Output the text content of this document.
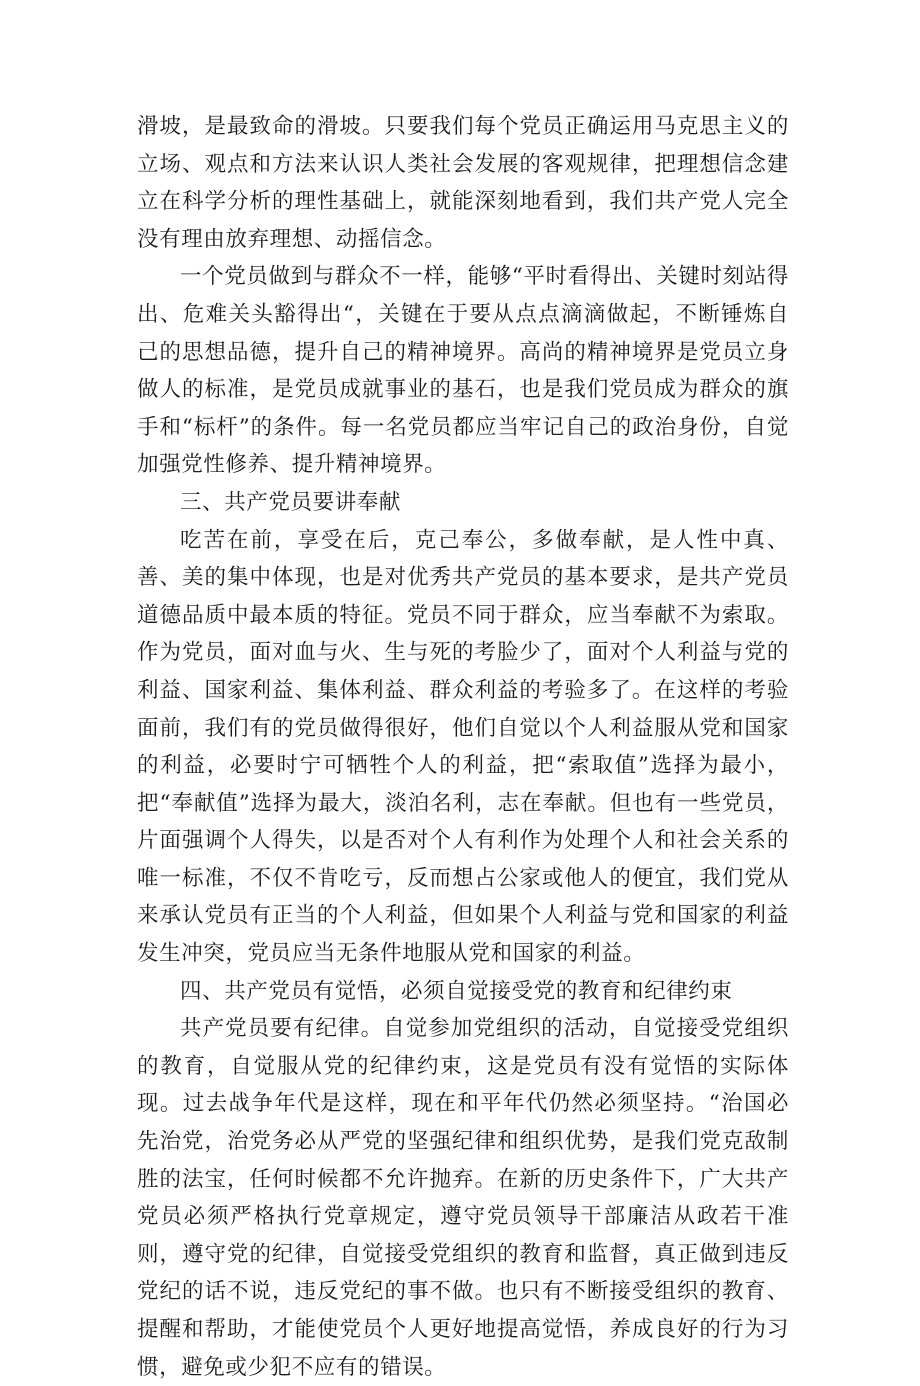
滑坡，是最致命的滑坡。只要我们每个党员正确运用马克思主义的立场、观点和方法来认识人类社会发展的客观规律，把理想信念建立在科学分析的理性基础上，就能深刻地看到，我们共产党人完全没有理由放弃理想、动摇信念。

一个党员做到与群众不一样，能够“平时看得出、关键时刻站得出、危难关头豁得出“，关键在于要从点点滴滴做起，不断锤炼自己的思想品德，提升自己的精神境界。高尚的精神境界是党员立身做人的标准，是党员成就事业的基石，也是我们党员成为群众的旗手和“标杆”的条件。每一名党员都应当牢记自己的政治身份，自觉加强党性修养、提升精神境界。

三、共产党员要讲奉献

吃苦在前，享受在后，克己奉公，多做奉献，是人性中真、善、美的集中体现，也是对优秀共产党员的基本要求，是共产党员道德品质中最本质的特征。党员不同于群众，应当奉献不为索取。作为党员，面对血与火、生与死的考脸少了，面对个人利益与党的利益、国家利益、集体利益、群众利益的考验多了。在这样的考验面前，我们有的党员做得很好，他们自觉以个人利益服从党和国家的利益，必要时宁可牺牲个人的利益，把“索取值”选择为最小，把“奉献值”选择为最大，淡泊名利，志在奉献。但也有一些党员，片面强调个人得失，以是否对个人有利作为处理个人和社会关系的唯一标准，不仅不肯吃亏，反而想占公家或他人的便宜，我们党从来承认党员有正当的个人利益，但如果个人利益与党和国家的利益发生冲突，党员应当无条件地服从党和国家的利益。

四、共产党员有觉悟，必须自觉接受党的教育和纪律约束

共产党员要有纪律。自觉参加党组织的活动，自觉接受党组织的教育，自觉服从党的纪律约束，这是党员有没有觉悟的实际体现。过去战争年代是这样，现在和平年代仍然必须坚持。“治国必先治党，治党务必从严党的坚强纪律和组织优势，是我们党克敌制胜的法宝，任何时候都不允许抛弃。在新的历史条件下，广大共产党员必须严格执行党章规定，遵守党员领导干部廉洁从政若干准则，遵守党的纪律，自觉接受党组织的教育和监督，真正做到违反党纪的话不说，违反党纪的事不做。也只有不断接受组织的教育、提醒和帮助，才能使党员个人更好地提高觉悟，养成良好的行为习惯，避免或少犯不应有的错误。
